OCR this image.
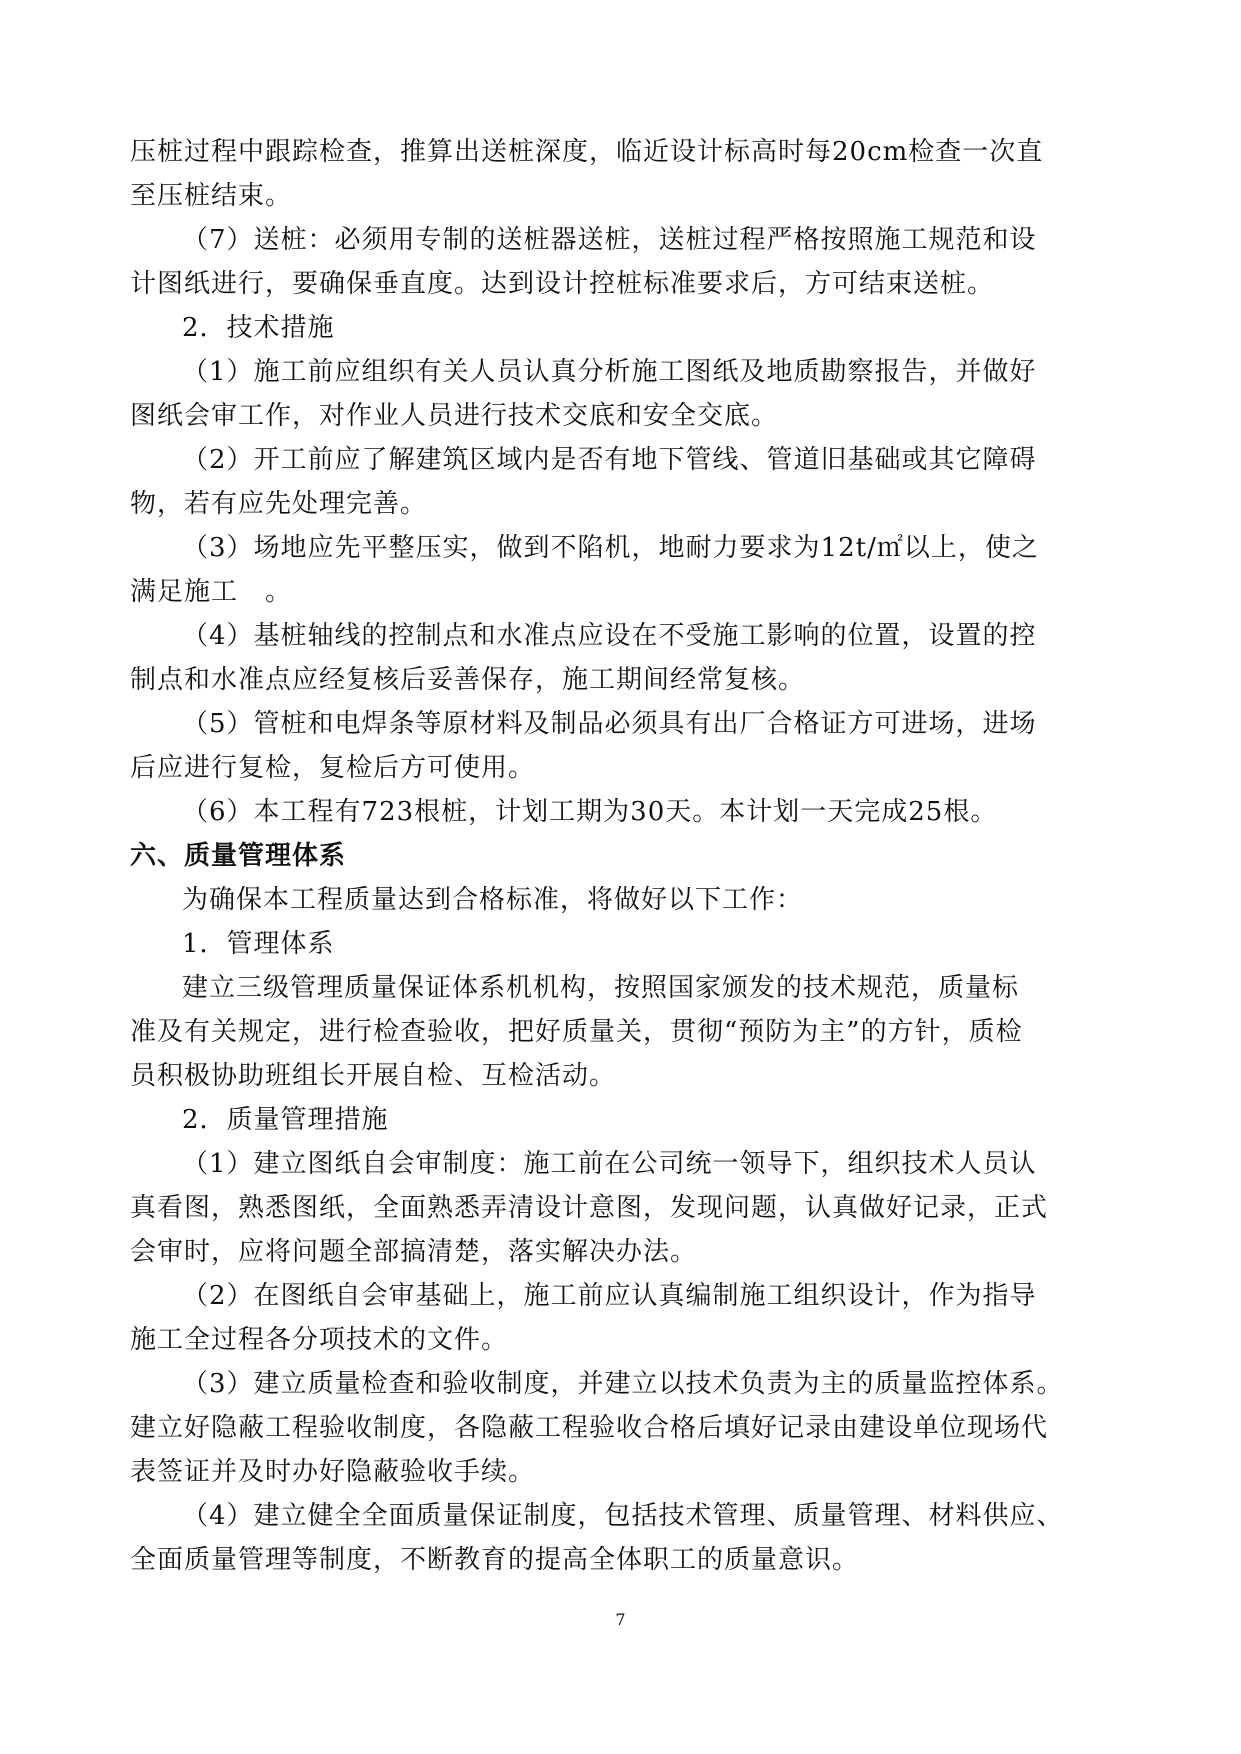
压桩过程中跟踪检查，推算出送桩深度，临近设计标高时每20cm检查一次直
至压桩结束。
（7）送桩：必须用专制的送桩器送桩，送桩过程严格按照施工规范和设
计图纸进行，要确保垂直度。达到设计控桩标准要求后，方可结束送桩。
2．技术措施
（1）施工前应组织有关人员认真分析施工图纸及地质勘察报告，并做好
图纸会审工作，对作业人员进行技术交底和安全交底。
（2）开工前应了解建筑区域内是否有地下管线、管道旧基础或其它障碍
物，若有应先处理完善。
（3）场地应先平整压实，做到不陷机，地耐力要求为12t/㎡以上，使之
满足施工　。
（4）基桩轴线的控制点和水准点应设在不受施工影响的位置，设置的控
制点和水准点应经复核后妥善保存，施工期间经常复核。
（5）管桩和电焊条等原材料及制品必须具有出厂合格证方可进场，进场
后应进行复检，复检后方可使用。
（6）本工程有723根桩，计划工期为30天。本计划一天完成25根。
六、质量管理体系
为确保本工程质量达到合格标准，将做好以下工作：
1．管理体系
建立三级管理质量保证体系机机构，按照国家颁发的技术规范，质量标
准及有关规定，进行检查验收，把好质量关，贯彻“预防为主”的方针，质检
员积极协助班组长开展自检、互检活动。
2．质量管理措施
（1）建立图纸自会审制度：施工前在公司统一领导下，组织技术人员认
真看图，熟悉图纸，全面熟悉弄清设计意图，发现问题，认真做好记录，正式
会审时，应将问题全部搞清楚，落实解决办法。
（2）在图纸自会审基础上，施工前应认真编制施工组织设计，作为指导
施工全过程各分项技术的文件。
（3）建立质量检查和验收制度，并建立以技术负责为主的质量监控体系。
建立好隐蔽工程验收制度，各隐蔽工程验收合格后填好记录由建设单位现场代
表签证并及时办好隐蔽验收手续。
（4）建立健全全面质量保证制度，包括技术管理、质量管理、材料供应、
全面质量管理等制度，不断教育的提高全体职工的质量意识。
7
